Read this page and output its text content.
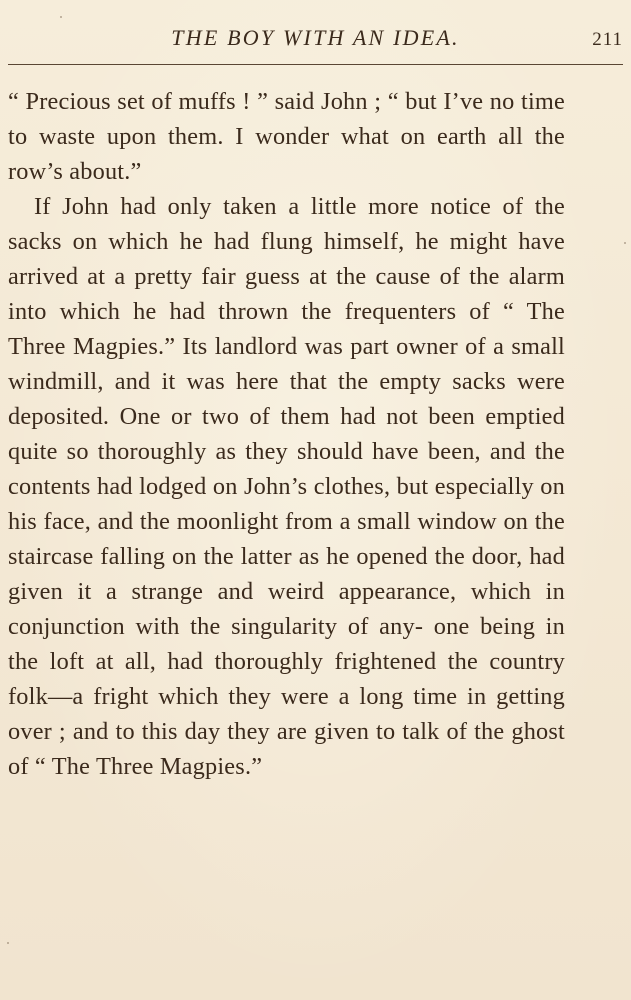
THE BOY WITH AN IDEA.	211

“ Precious set of muffs ! ” said John ; “ but I’ve no time to waste upon them. I wonder what on earth all the row’s about.”

If John had only taken a little more notice of the sacks on which he had flung himself, he might have arrived at a pretty fair guess at the cause of the alarm into which he had thrown the frequenters of “ The Three Magpies.” Its landlord was part owner of a small windmill, and it was here that the empty sacks were deposited. One or two of them had not been emptied quite so thoroughly as they should have been, and the contents had lodged on John’s clothes, but especially on his face, and the moonlight from a small window on the staircase falling on the latter as he opened the door, had given it a strange and weird appearance, which in conjunction with the singularity of any- one being in the loft at all, had thoroughly frightened the country folk—a fright which they were a long time in getting over ; and to this day they are given to talk of the ghost of “ The Three Magpies.”
